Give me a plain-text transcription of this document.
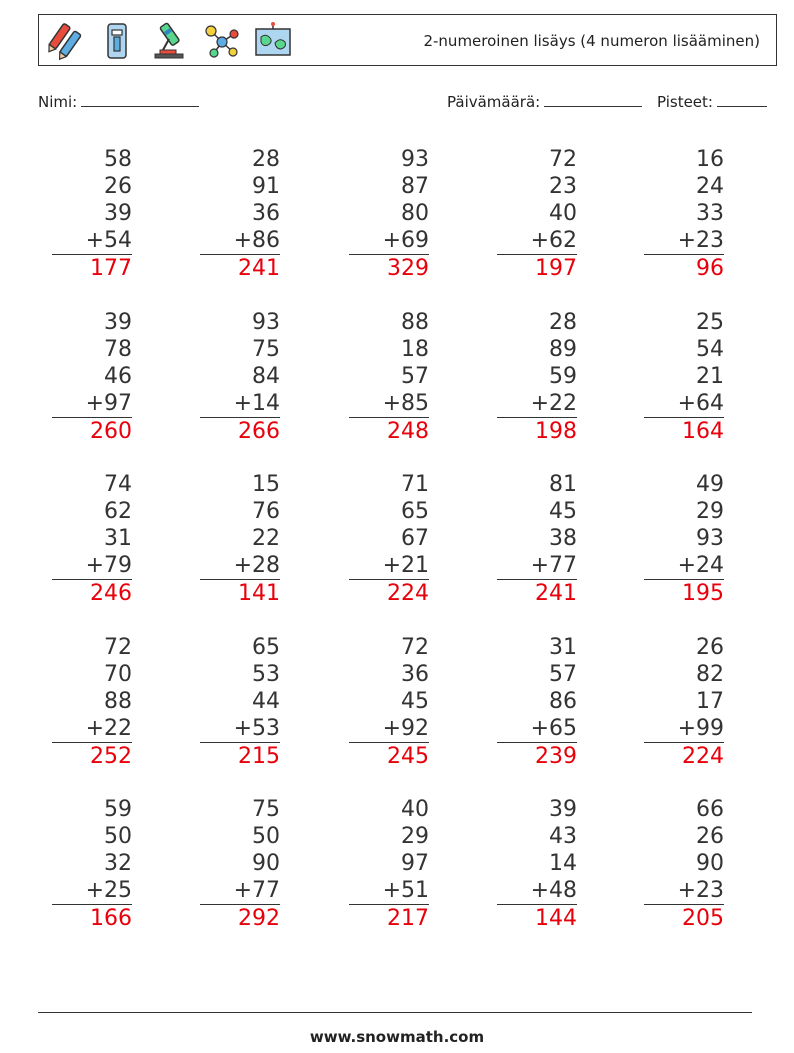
2-numeroinen lisäys (4 numeron lisääminen)
Nimi:	Päivämäärä:	Pisteet:
58
26
39
+54
177
28
91
36
+86
241
93
87
80
+69
329
72
23
40
+62
197
16
24
33
+23
96
39
78
46
+97
260
93
75
84
+14
266
88
18
57
+85
248
28
89
59
+22
198
25
54
21
+64
164
74
62
31
+79
246
15
76
22
+28
141
71
65
67
+21
224
81
45
38
+77
241
49
29
93
+24
195
72
70
88
+22
252
65
53
44
+53
215
72
36
45
+92
245
31
57
86
+65
239
26
82
17
+99
224
59
50
32
+25
166
75
50
90
+77
292
40
29
97
+51
217
39
43
14
+48
144
66
26
90
+23
205
www.snowmath.com
